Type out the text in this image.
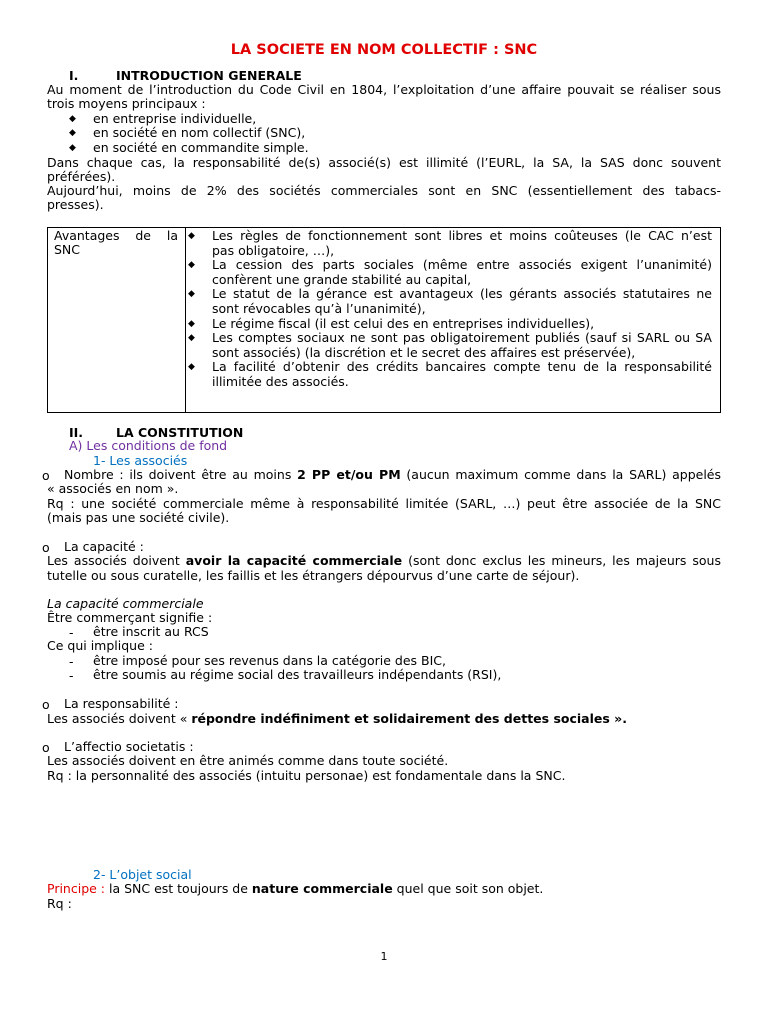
LA SOCIETE EN NOM COLLECTIF : SNC
I.	INTRODUCTION GENERALE
Au moment de l’introduction du Code Civil en 1804, l’exploitation d’une affaire pouvait se réaliser sous
trois moyens principaux :
◆ en entreprise individuelle,
◆ en société en nom collectif (SNC),
◆ en société en commandite simple.
Dans chaque cas, la responsabilité de(s) associé(s) est illimité (l’EURL, la SA, la SAS donc souvent
préférées).
Aujourd’hui, moins de 2% des sociétés commerciales sont en SNC (essentiellement des tabacs-
presses).
Avantages de la
SNC

◆ Les règles de fonctionnement sont libres et moins coûteuses (le CAC n’est
pas obligatoire, …),
◆ La cession des parts sociales (même entre associés exigent l’unanimité)
confèrent une grande stabilité au capital,
◆ Le statut de la gérance est avantageux (les gérants associés statutaires ne
sont révocables qu’à l’unanimité),
◆ Le régime fiscal (il est celui des en entreprises individuelles),
◆ Les comptes sociaux ne sont pas obligatoirement publiés (sauf si SARL ou SA
sont associés) (la discrétion et le secret des affaires est préservée),
◆ La facilité d’obtenir des crédits bancaires compte tenu de la responsabilité
illimitée des associés.
II.	LA CONSTITUTION
A) Les conditions de fond
1- Les associés
o Nombre : ils doivent être au moins 2 PP et/ou PM (aucun maximum comme dans la SARL) appelés
« associés en nom ».
Rq : une société commerciale même à responsabilité limitée (SARL, …) peut être associée de la SNC
(mais pas une société civile).
o La capacité :
Les associés doivent avoir la capacité commerciale (sont donc exclus les mineurs, les majeurs sous
tutelle ou sous curatelle, les faillis et les étrangers dépourvus d’une carte de séjour).
La capacité commerciale
Être commerçant signifie :
- être inscrit au RCS
Ce qui implique :
- être imposé pour ses revenus dans la catégorie des BIC,
- être soumis au régime social des travailleurs indépendants (RSI),
o La responsabilité :
Les associés doivent « répondre indéfiniment et solidairement des dettes sociales ».
o L’affectio societatis :
Les associés doivent en être animés comme dans toute société.
Rq : la personnalité des associés (intuitu personae) est fondamentale dans la SNC.
2- L’objet social
Principe : la SNC est toujours de nature commerciale quel que soit son objet.
Rq :
1
